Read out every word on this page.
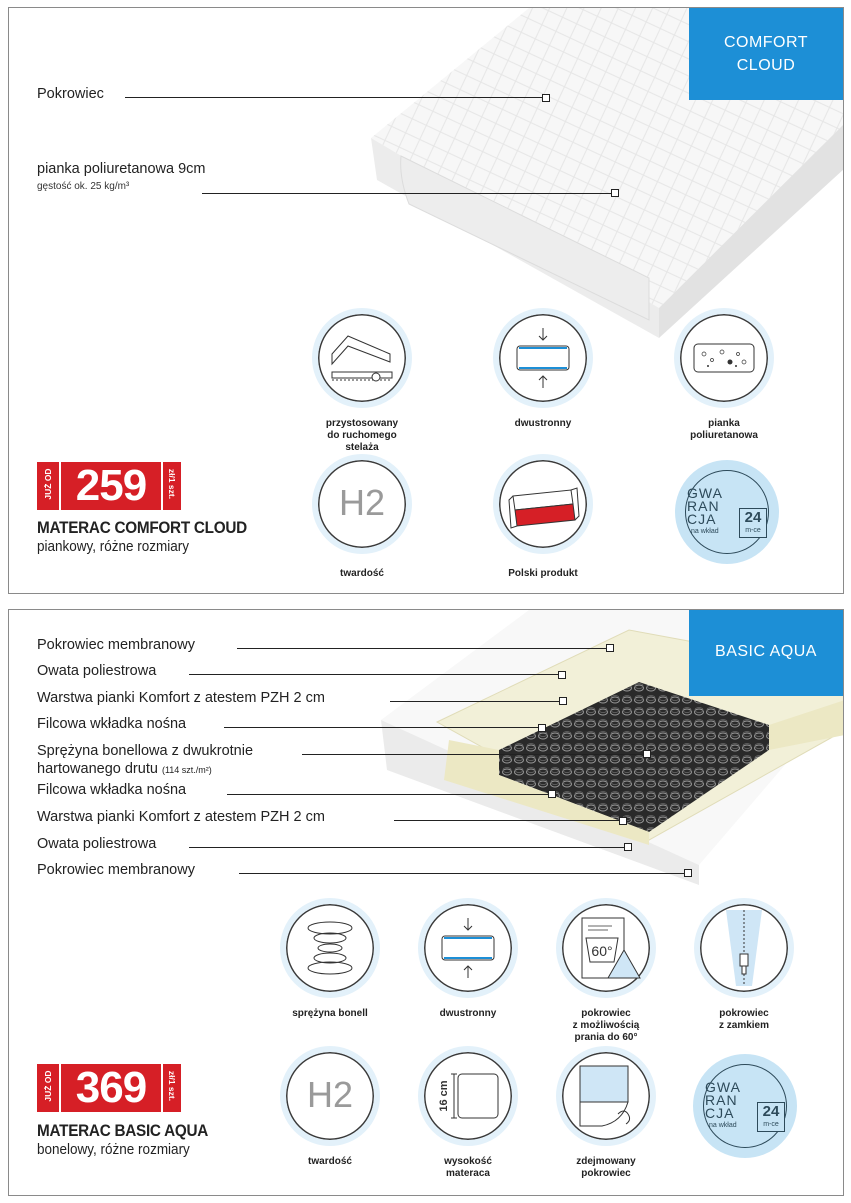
COMFORT
CLOUD
Pokrowiec
pianka poliuretanowa 9cm
gęstość ok. 25 kg/m³
przystosowany
do ruchomego
stelaża
dwustronny	pianka
poliuretanowa
H2
twardość	Polski produkt
GWA
RAN
CJA
na wkład
24
m-ce
JUŻ OD 259	zł/1 szt.
MATERAC COMFORT CLOUD
piankowy, różne rozmiary
BASIC AQUA
Pokrowiec membranowy
Owata poliestrowa
Warstwa pianki Komfort z atestem PZH 2 cm
Filcowa wkładka nośna
Sprężyna bonellowa z dwukrotnie
hartowanego drutu (114 szt./m²)
Filcowa wkładka nośna
Warstwa pianki Komfort z atestem PZH 2 cm
Owata poliestrowa
Pokrowiec membranowy
sprężyna bonell	dwustronny
60°
pokrowiec
z możliwością
prania do 60°
pokrowiec
z zamkiem
H2
twardość
16 cm
wysokość
materaca
zdejmowany
pokrowiec
GWA
RAN
CJA
na wkład
24
m-ce
JUŻ OD 369	zł/1 szt.
MATERAC BASIC AQUA
bonelowy, różne rozmiary
